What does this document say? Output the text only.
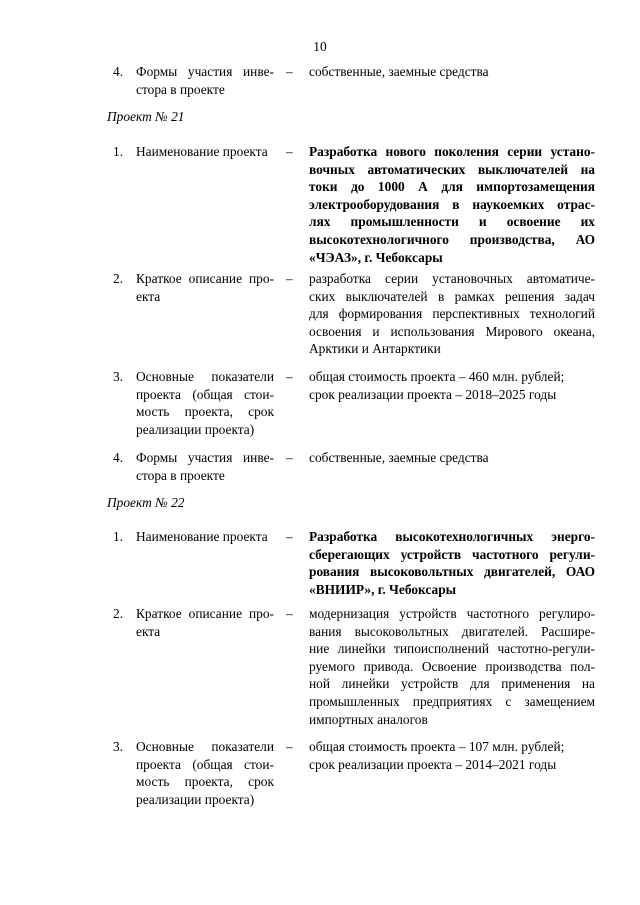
10
4. Формы участия инве-
стора в проекте
– собственные, заемные средства
Проект № 21
1. Наименование проекта	– Разработка нового поколения серии устано-
вочных автоматических выключателей на
токи до 1000 А для импортозамещения
электрооборудования в наукоемких отрас-
лях промышленности и освоение их
высокотехнологичного производства, АО
«ЧЭАЗ», г. Чебоксары
2. Краткое описание про-
екта
– разработка серии установочных автоматиче-
ских выключателей в рамках решения задач
для формирования перспективных технологий
освоения и использования Мирового океана,
Арктики и Антарктики
3. Основные показатели
проекта (общая стои-
мость проекта, срок
реализации проекта)
– общая стоимость проекта – 460 млн. рублей;
срок реализации проекта – 2018–2025 годы
4. Формы участия инве-
стора в проекте
– собственные, заемные средства
Проект № 22
1. Наименование проекта	– Разработка высокотехнологичных энерго-
сберегающих устройств частотного регули-
рования высоковольтных двигателей, ОАО
«ВНИИР», г. Чебоксары
2. Краткое описание про-
екта
– модернизация устройств частотного регулиро-
вания высоковольтных двигателей. Расшире-
ние линейки типоисполнений частотно-регули-
руемого привода. Освоение производства пол-
ной линейки устройств для применения на
промышленных предприятиях с замещением
импортных аналогов
3. Основные показатели
проекта (общая стои-
мость проекта, срок
реализации проекта)
– общая стоимость проекта – 107 млн. рублей;
срок реализации проекта – 2014–2021 годы
